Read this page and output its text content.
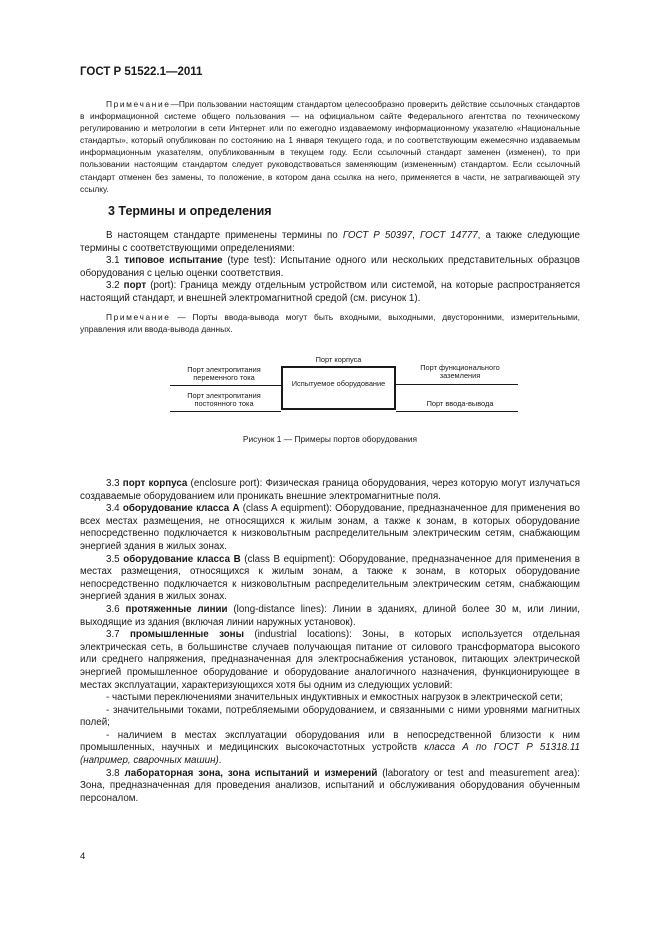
ГОСТ Р 51522.1—2011

Примечание—При пользовании настоящим стандартом целесообразно проверить действие ссылочных стандартов в информационной системе общего пользования — на официальном сайте Федерального агентства по техническому регулированию и метрологии в сети Интернет или по ежегодно издаваемому информационному указателю «Национальные стандарты», который опубликован по состоянию на 1 января текущего года, и по соответствующим ежемесячно издаваемым информационным указателям, опубликованным в текущем году. Если ссылочный стандарт заменен (изменен), то при пользовании настоящим стандартом следует руководствоваться заменяющим (измененным) стандартом. Если ссылочный стандарт отменен без замены, то положение, в котором дана ссылка на него, применяется в части, не затрагивающей эту ссылку.

3 Термины и определения

В настоящем стандарте применены термины по ГОСТ Р 50397, ГОСТ 14777, а также следующие термины с соответствующими определениями:

3.1 типовое испытание (type test): Испытание одного или нескольких представительных образцов оборудования с целью оценки соответствия.

3.2 порт (port): Граница между отдельным устройством или системой, на которые распространяется настоящий стандарт, и внешней электромагнитной средой (см. рисунок 1).

Примечание — Порты ввода-вывода могут быть входными, выходными, двусторонними, измерительными, управления или ввода-вывода данных.

Порт электропитания переменного тока
Порт электропитания постоянного тока
Порт корпуса
Испытуемое оборудование
Порт функционального заземления
Порт ввода-вывода
Рисунок 1 — Примеры портов оборудования

3.3 порт корпуса (enclosure port): Физическая граница оборудования, через которую могут излучаться создаваемые оборудованием или проникать внешние электромагнитные поля.

3.4 оборудование класса A (class A equipment): Оборудование, предназначенное для применения во всех местах размещения, не относящихся к жилым зонам, а также к зонам, в которых оборудование непосредственно подключается к низковольтным распределительным электрическим сетям, снабжающим энергией здания в жилых зонах.

3.5 оборудование класса B (class B equipment): Оборудование, предназначенное для применения в местах размещения, относящихся к жилым зонам, а также к зонам, в которых оборудование непосредственно подключается к низковольтным распределительным электрическим сетям, снабжающим энергией здания в жилых зонах.

3.6 протяженные линии (long-distance lines): Линии в зданиях, длиной более 30 м, или линии, выходящие из здания (включая линии наружных установок).

3.7 промышленные зоны (industrial locations): Зоны, в которых используется отдельная электрическая сеть, в большинстве случаев получающая питание от силового трансформатора высокого или среднего напряжения, предназначенная для электроснабжения установок, питающих электрической энергией промышленное оборудование и оборудование аналогичного назначения, функционирующее в местах эксплуатации, характеризующихся хотя бы одним из следующих условий:

- частыми переключениями значительных индуктивных и емкостных нагрузок в электрической сети;

- значительными токами, потребляемыми оборудованием, и связанными с ними уровнями магнитных полей;

- наличием в местах эксплуатации оборудования или в непосредственной близости к ним промышленных, научных и медицинских высокочастотных устройств класса А по ГОСТ Р 51318.11 (например, сварочных машин).

3.8 лабораторная зона, зона испытаний и измерений (laboratory or test and measurement area): Зона, предназначенная для проведения анализов, испытаний и обслуживания оборудования обученным персоналом.

4
